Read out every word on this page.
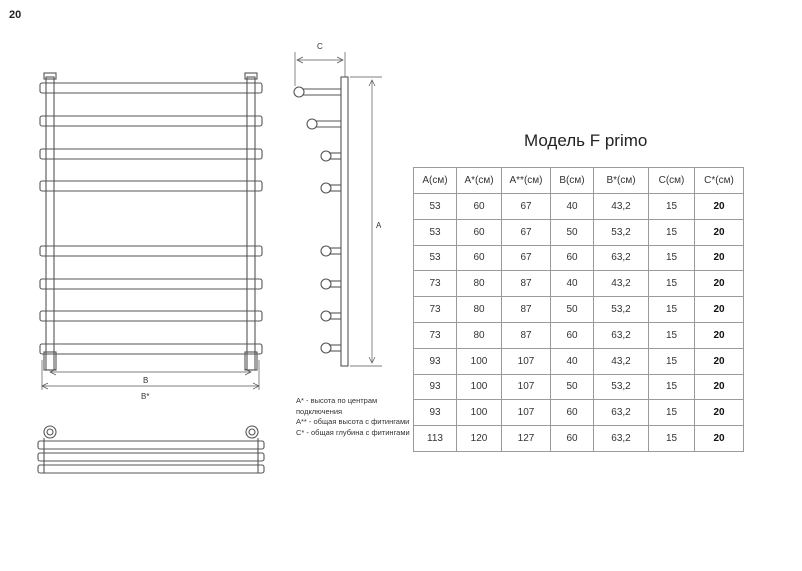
20
B
B*
A
C

A* - высота по центрам подключения

A** - общая высота с фитингами

C* - общая глубина с фитингами

Модель F primo
A(см)	A*(см)	A**(см)	B(см)	B*(см)	C(см)	C*(см)
53	60	67	40	43,2	15	20
53	60	67	50	53,2	15	20
53	60	67	60	63,2	15	20
73	80	87	40	43,2	15	20
73	80	87	50	53,2	15	20
73	80	87	60	63,2	15	20
93	100	107	40	43,2	15	20
93	100	107	50	53,2	15	20
93	100	107	60	63,2	15	20
113	120	127	60	63,2	15	20
